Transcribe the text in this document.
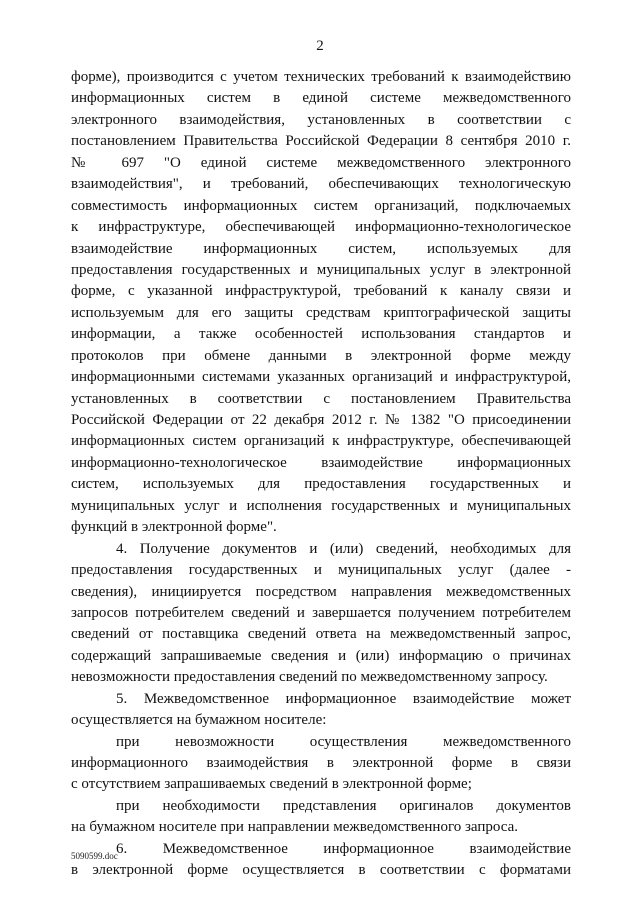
2
форме), производится с учетом технических требований к взаимодействию
информационных систем в единой системе межведомственного
электронного взаимодействия, установленных в соответствии с
постановлением Правительства Российской Федерации 8 сентября 2010 г.
№ 697 "О единой системе межведомственного электронного
взаимодействия", и требований, обеспечивающих технологическую
совместимость информационных систем организаций, подключаемых
к инфраструктуре, обеспечивающей информационно-технологическое
взаимодействие информационных систем, используемых для
предоставления государственных и муниципальных услуг в электронной
форме, с указанной инфраструктурой, требований к каналу связи и
используемым для его защиты средствам криптографической защиты
информации, а также особенностей использования стандартов и
протоколов при обмене данными в электронной форме между
информационными системами указанных организаций и инфраструктурой,
установленных в соответствии с постановлением Правительства
Российской Федерации от 22 декабря 2012 г. № 1382 "О присоединении
информационных систем организаций к инфраструктуре, обеспечивающей
информационно-технологическое взаимодействие информационных
систем, используемых для предоставления государственных и
муниципальных услуг и исполнения государственных и муниципальных
функций в электронной форме".
4. Получение документов и (или) сведений, необходимых для
предоставления государственных и муниципальных услуг (далее -
сведения), инициируется посредством направления межведомственных
запросов потребителем сведений и завершается получением потребителем
сведений от поставщика сведений ответа на межведомственный запрос,
содержащий запрашиваемые сведения и (или) информацию о причинах
невозможности предоставления сведений по межведомственному запросу.
5. Межведомственное информационное взаимодействие может
осуществляется на бумажном носителе:
при невозможности осуществления межведомственного
информационного взаимодействия в электронной форме в связи
с отсутствием запрашиваемых сведений в электронной форме;
при необходимости представления оригиналов документов
на бумажном носителе при направлении межведомственного запроса.
6. Межведомственное информационное взаимодействие
в электронной форме осуществляется в соответствии с форматами
5090599.doc
